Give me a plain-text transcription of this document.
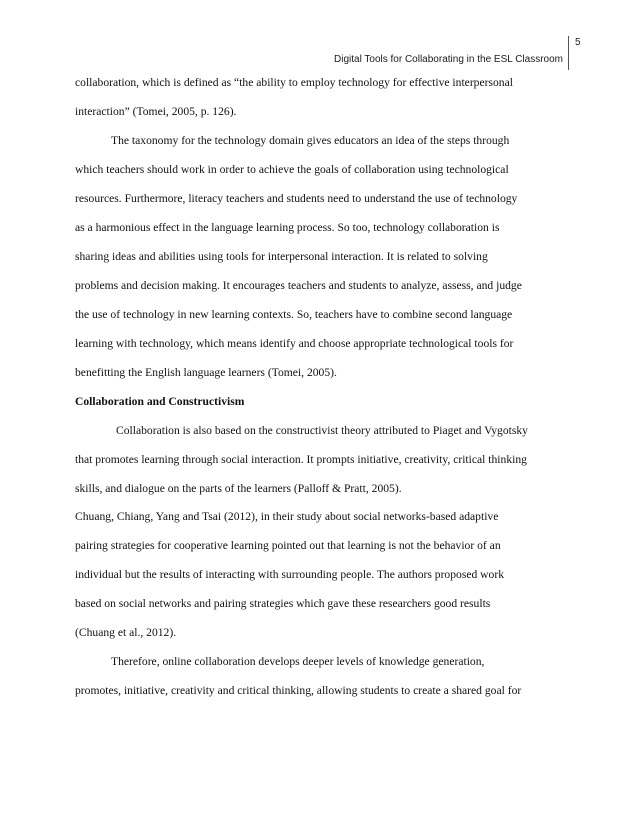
Digital Tools for Collaborating in the ESL Classroom
5
collaboration, which is defined as “the ability to employ technology for effective interpersonal
interaction” (Tomei, 2005, p. 126).
The taxonomy for the technology domain gives educators an idea of the steps through
which teachers should work in order to achieve the goals of collaboration using technological
resources. Furthermore, literacy teachers and students need to understand the use of technology
as a harmonious effect in the language learning process. So too, technology collaboration is
sharing ideas and abilities using tools for interpersonal interaction. It is related to solving
problems and decision making. It encourages teachers and students to analyze, assess, and judge
the use of technology in new learning contexts. So, teachers have to combine second language
learning with technology, which means identify and choose appropriate technological tools for
benefitting the English language learners (Tomei, 2005).
Collaboration and Constructivism
Collaboration is also based on the constructivist theory attributed to Piaget and Vygotsky
that promotes learning through social interaction. It prompts initiative, creativity, critical thinking
skills, and dialogue on the parts of the learners (Palloff & Pratt, 2005).
Chuang, Chiang, Yang and Tsai (2012), in their study about social networks-based adaptive
pairing strategies for cooperative learning pointed out that learning is not the behavior of an
individual but the results of interacting with surrounding people. The authors proposed work
based on social networks and pairing strategies which gave these researchers good results
(Chuang et al., 2012).
Therefore, online collaboration develops deeper levels of knowledge generation,
promotes, initiative, creativity and critical thinking, allowing students to create a shared goal for
